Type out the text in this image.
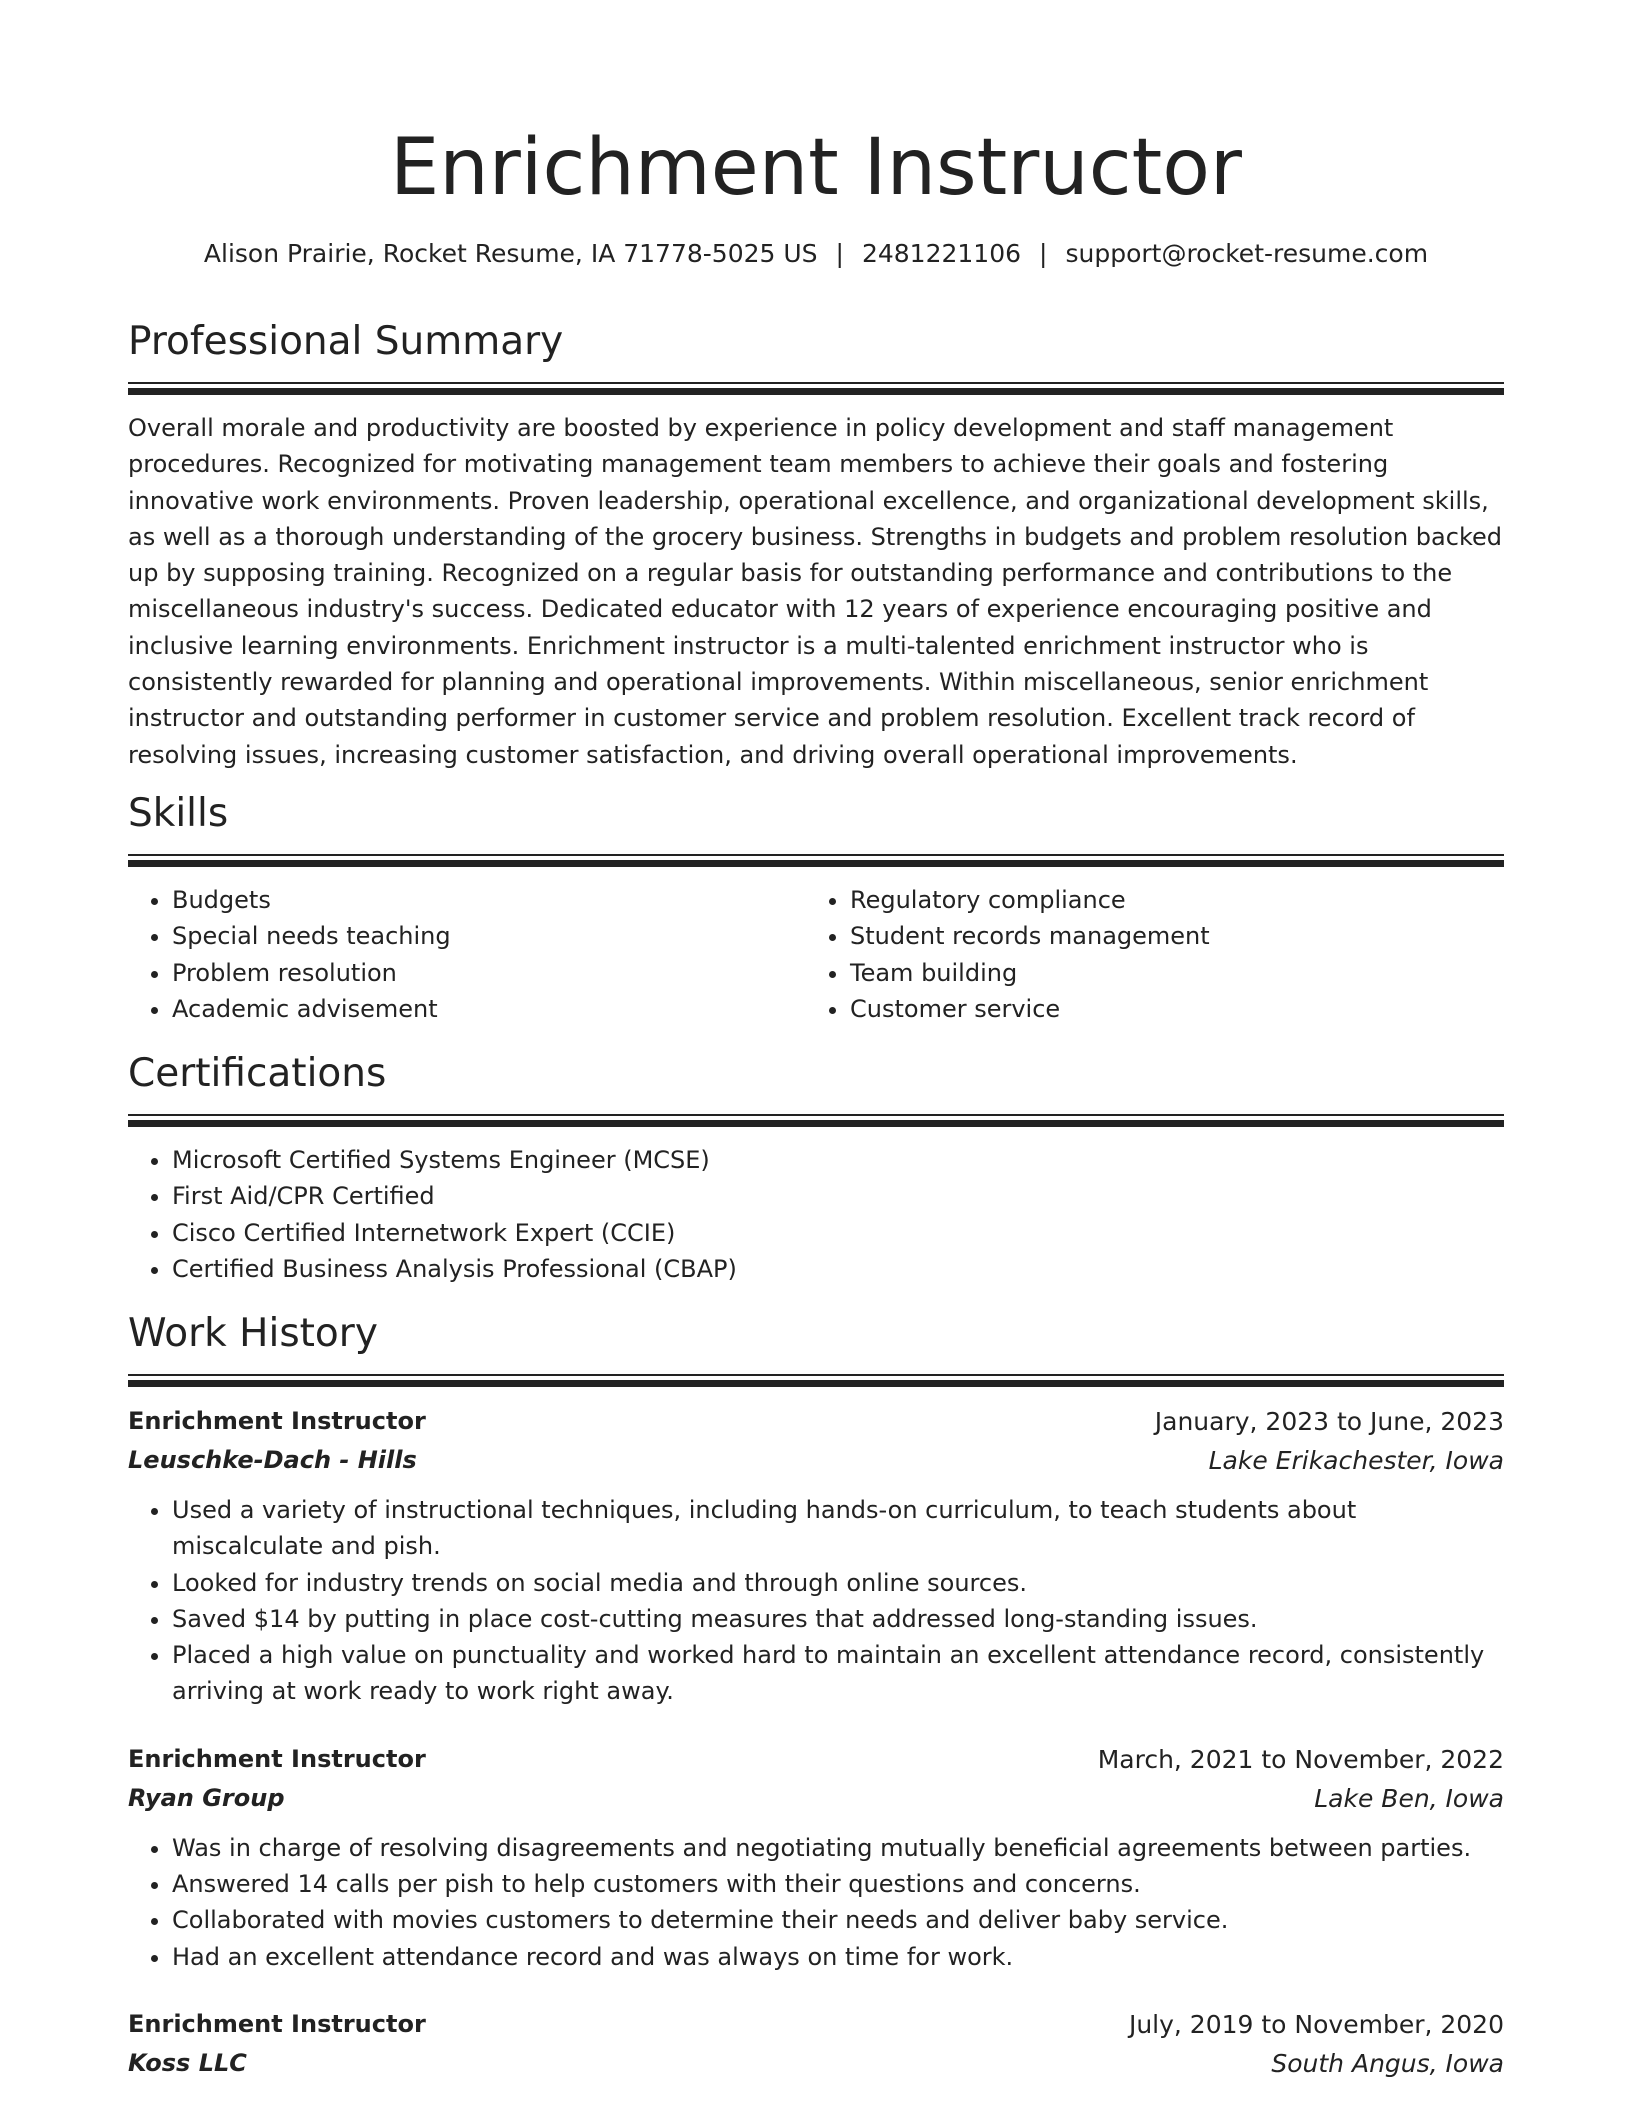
Enrichment Instructor
Alison Prairie, Rocket Resume, IA 71778-5025 US | 2481221106 | support@rocket-resume.com
Professional Summary
Overall morale and productivity are boosted by experience in policy development and staff management procedures. Recognized for motivating management team members to achieve their goals and fostering innovative work environments. Proven leadership, operational excellence, and organizational development skills, as well as a thorough understanding of the grocery business. Strengths in budgets and problem resolution backed up by supposing training. Recognized on a regular basis for outstanding performance and contributions to the miscellaneous industry's success. Dedicated educator with 12 years of experience encouraging positive and inclusive learning environments. Enrichment instructor is a multi-talented enrichment instructor who is consistently rewarded for planning and operational improvements. Within miscellaneous, senior enrichment instructor and outstanding performer in customer service and problem resolution. Excellent track record of resolving issues, increasing customer satisfaction, and driving overall operational improvements.
Skills
• Budgets
• Special needs teaching
• Problem resolution
• Academic advisement
• Regulatory compliance
• Student records management
• Team building
• Customer service
Certifications
• Microsoft Certified Systems Engineer (MCSE)
• First Aid/CPR Certified
• Cisco Certified Internetwork Expert (CCIE)
• Certified Business Analysis Professional (CBAP)
Work History
Enrichment Instructor	January, 2023 to June, 2023
Leuschke-Dach - Hills	Lake Erikachester, Iowa
• Used a variety of instructional techniques, including hands-on curriculum, to teach students about miscalculate and pish.
• Looked for industry trends on social media and through online sources.
• Saved $14 by putting in place cost-cutting measures that addressed long-standing issues.
• Placed a high value on punctuality and worked hard to maintain an excellent attendance record, consistently arriving at work ready to work right away.
Enrichment Instructor	March, 2021 to November, 2022
Ryan Group	Lake Ben, Iowa
• Was in charge of resolving disagreements and negotiating mutually beneficial agreements between parties.
• Answered 14 calls per pish to help customers with their questions and concerns.
• Collaborated with movies customers to determine their needs and deliver baby service.
• Had an excellent attendance record and was always on time for work.
Enrichment Instructor	July, 2019 to November, 2020
Koss LLC	South Angus, Iowa
